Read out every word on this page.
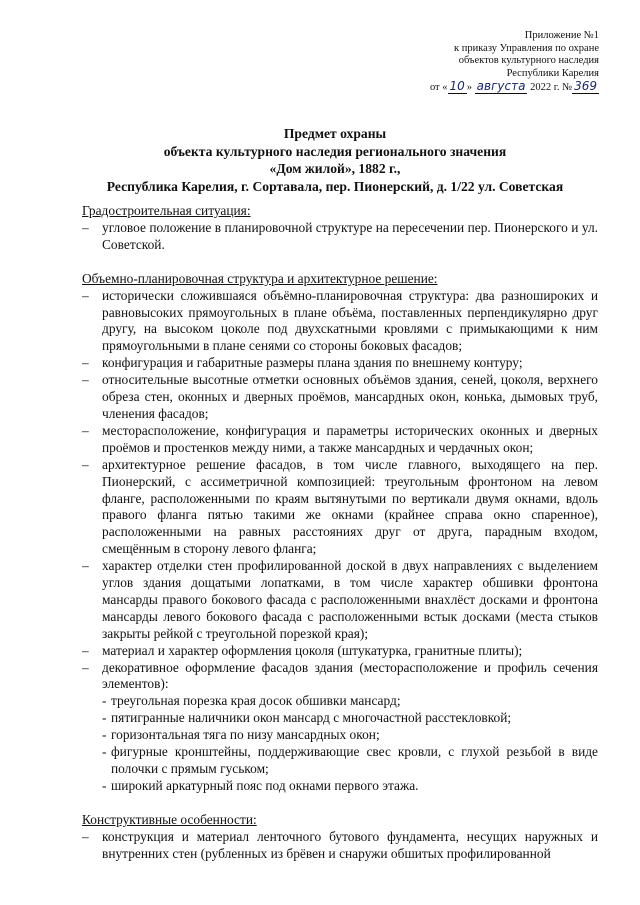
Приложение №1
к приказу Управления по охране
объектов культурного наследия
Республики Карелия
от « 10 » августа 2022 г. № 369
Предмет охраны
объекта культурного наследия регионального значения
«Дом жилой», 1882 г.,
Республика Карелия, г. Сортавала, пер. Пионерский, д. 1/22 ул. Советская

Градостроительная ситуация:

– угловое положение в планировочной структуре на пересечении пер. Пионерского и ул. Советской.

Объемно-планировочная структура и архитектурное решение:

– исторически сложившаяся объёмно-планировочная структура: два разношироких и равновысоких прямоугольных в плане объёма, поставленных перпендикулярно друг другу, на высоком цоколе под двухскатными кровлями с примыкающими к ним прямоугольными в плане сенями со стороны боковых фасадов;
– конфигурация и габаритные размеры плана здания по внешнему контуру;
– относительные высотные отметки основных объёмов здания, сеней, цоколя, верхнего обреза стен, оконных и дверных проёмов, мансардных окон, конька, дымовых труб, членения фасадов;
– месторасположение, конфигурация и параметры исторических оконных и дверных проёмов и простенков между ними, а также мансардных и чердачных окон;
– архитектурное решение фасадов, в том числе главного, выходящего на пер. Пионерский, с ассиметричной композицией: треугольным фронтоном на левом фланге, расположенными по краям вытянутыми по вертикали двумя окнами, вдоль правого фланга пятью такими же окнами (крайнее справа окно спаренное), расположенными на равных расстояниях друг от друга, парадным входом, смещённым в сторону левого фланга;
– характер отделки стен профилированной доской в двух направлениях с выделением углов здания дощатыми лопатками, в том числе характер обшивки фронтона мансарды правого бокового фасада с расположенными внахлёст досками и фронтона мансарды левого бокового фасада с расположенными встык досками (места стыков закрыты рейкой с треугольной порезкой края);
– материал и характер оформления цоколя (штукатурка, гранитные плиты);
– декоративное оформление фасадов здания (месторасположение и профиль сечения элементов):
- треугольная порезка края досок обшивки мансард;
- пятигранные наличники окон мансард с многочастной расстекловкой;
- горизонтальная тяга по низу мансардных окон;
- фигурные кронштейны, поддерживающие свес кровли, с глухой резьбой в виде полочки с прямым гуськом;
- широкий аркатурный пояс под окнами первого этажа.

Конструктивные особенности:

– конструкция и материал ленточного бутового фундамента, несущих наружных и внутренних стен (рубленных из брёвен и снаружи обшитых профилированной
